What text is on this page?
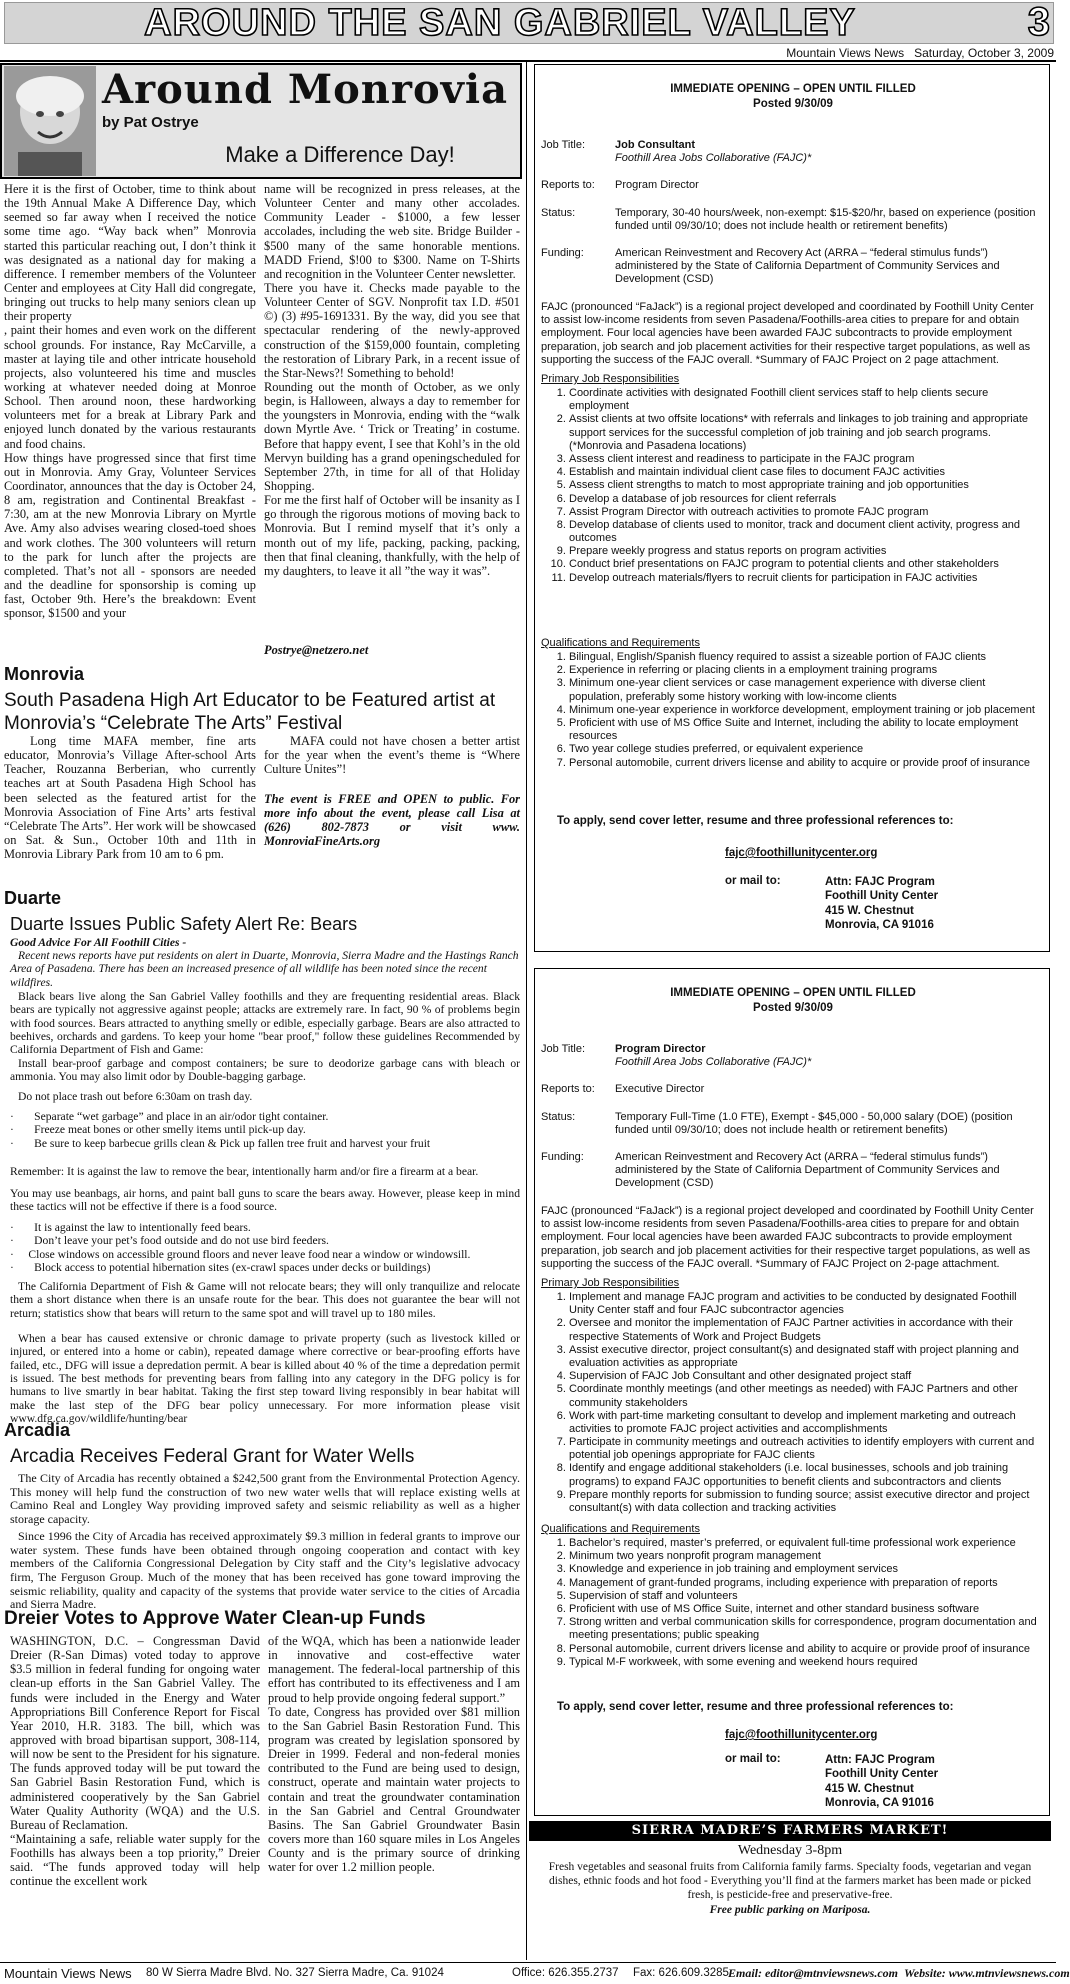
AROUND THE SAN GABRIEL VALLEY	3
Mountain Views News Saturday, October 3, 2009
Around Monrovia
by Pat Ostrye
Make a Difference Day!
Here it is the first of October, time to think about the 19th Annual Make A Difference Day, which seemed so far away when I received the notice some time ago. “Way back when” Monrovia started this particular reaching out, I don’t think it was designated as a national day for making a difference. I remember members of the Volunteer Center and employees at City Hall did congregate, bringing out trucks to help many seniors clean up their property
, paint their homes and even work on the different school grounds. For instance, Ray McCarville, a master at laying tile and other intricate household projects, also volunteered his time and muscles working at whatever needed doing at Monroe School. Then around noon, these hardworking volunteers met for a break at Library Park and enjoyed lunch donated by the various restaurants and food chains.
How things have progressed since that first time out in Monrovia. Amy Gray, Volunteer Services Coordinator, announces that the day is October 24, 8 am, registration and Continental Breakfast - 7:30, am at the new Monrovia Library on Myrtle Ave. Amy also advises wearing closed-toed shoes and work clothes. The 300 volunteers will return to the park for lunch after the projects are completed. That’s not all - sponsors are needed and the deadline for sponsorship is coming up fast, October 9th. Here’s the breakdown: Event sponsor, $1500 and your
name will be recognized in press releases, at the Volunteer Center and many other accolades. Community Leader - $1000, a few lesser accolades, including the web site. Bridge Builder - $500 many of the same honorable mentions. MADD Friend, $!00 to $300. Name on T-Shirts and recognition in the Volunteer Center newsletter.
There you have it. Checks made payable to the Volunteer Center of SGV. Nonprofit tax I.D. #501 ©) (3) #95-1691331. By the way, did you see that spectacular rendering of the newly-approved construction of the $159,000 fountain, completing the restoration of Library Park, in a recent issue of the Star-News?! Something to behold!
Rounding out the month of October, as we only begin, is Halloween, always a day to remember for the youngsters in Monrovia, ending with the “walk down Myrtle Ave. ‘ Trick or Treating’ in costume. Before that happy event, I see that Kohl’s in the old Mervyn building has a grand openingscheduled for September 27th, in time for all of that Holiday Shopping.
For me the first half of October will be insanity as I go through the rigorous motions of moving back to Monrovia. But I remind myself that it’s only a month out of my life, packing, packing, packing, then that final cleaning, thankfully, with the help of my daughters, to leave it all ”the way it was”.
Postrye@netzero.net
Monrovia
South Pasadena High Art Educator to be Featured artist at Monrovia’s “Celebrate The Arts” Festival
Long time MAFA member, fine arts educator, Monrovia’s Village After-school Arts Teacher, Rouzanna Berberian, who currently teaches art at South Pasadena High School has been selected as the featured artist for the Monrovia Association of Fine Arts’ arts festival “Celebrate The Arts”. Her work will be showcased on Sat. & Sun., October 10th and 11th in Monrovia Library Park from 10 am to 6 pm.
MAFA could not have chosen a better artist for the year when the event’s theme is “Where Culture Unites”!
The event is FREE and OPEN to public. For more info about the event, please call Lisa at (626) 802-7873 or visit www. MonroviaFineArts.org
Duarte
Duarte Issues Public Safety Alert Re: Bears
Good Advice For All Foothill Cities -
Recent news reports have put residents on alert in Duarte, Monrovia, Sierra Madre and the Hastings Ranch Area of Pasadena. There has been an increased presence of all wildlife has been noted since the recent wildfires.
Black bears live along the San Gabriel Valley foothills and they are frequenting residential areas. Black bears are typically not aggressive against people; attacks are extremely rare. In fact, 90 % of problems begin with food sources. Bears attracted to anything smelly or edible, especially garbage. Bears are also attracted to beehives, orchards and gardens. To keep your home "bear proof," follow these guidelines Recommended by California Department of Fish and Game:
Install bear-proof garbage and compost containers; be sure to deodorize garbage cans with bleach or ammonia. You may also limit odor by Double-bagging garbage.
Do not place trash out before 6:30am on trash day.
·       Separate “wet garbage” and place in an air/odor tight container.
·       Freeze meat bones or other smelly items until pick-up day.
·       Be sure to keep barbecue grills clean & Pick up fallen tree fruit and harvest your fruit
Remember: It is against the law to remove the bear, intentionally harm and/or fire a firearm at a bear.
You may use beanbags, air horns, and paint ball guns to scare the bears away. However, please keep in mind these tactics will not be effective if there is a food source.
·       It is against the law to intentionally feed bears.
·       Don’t leave your pet’s food outside and do not use bird feeders.
·     Close windows on accessible ground floors and never leave food near a window or windowsill.
·       Block access to potential hibernation sites (ex-crawl spaces under decks or buildings)
The California Department of Fish & Game will not relocate bears; they will only tranquilize and relocate them a short distance when there is an unsafe route for the bear. This does not guarantee the bear will not return; statistics show that bears will return to the same spot and will travel up to 180 miles.
When a bear has caused extensive or chronic damage to private property (such as livestock killed or injured, or entered into a home or cabin), repeated damage where corrective or bear-proofing efforts have failed, etc., DFG will issue a depredation permit. A bear is killed about 40 % of the time a depredation permit is issued. The best methods for preventing bears from falling into any category in the DFG policy is for humans to live smartly in bear habitat. Taking the first step toward living responsibly in bear habitat will make the last step of the DFG bear policy unnecessary. For more information please visit www.dfg.ca.gov/wildlife/hunting/bear
Arcadia
Arcadia Receives Federal Grant for Water Wells
The City of Arcadia has recently obtained a $242,500 grant from the Environmental Protection Agency. This money will help fund the construction of two new water wells that will replace existing wells at Camino Real and Longley Way providing improved safety and seismic reliability as well as a higher storage capacity.
Since 1996 the City of Arcadia has received approximately $9.3 million in federal grants to improve our water system. These funds have been obtained through ongoing cooperation and contact with key members of the California Congressional Delegation by City staff and the City’s legislative advocacy firm, The Ferguson Group. Much of the money that has been received has gone toward improving the seismic reliability, quality and capacity of the systems that provide water service to the cities of Arcadia and Sierra Madre.
Dreier Votes to Approve Water Clean-up Funds
WASHINGTON, D.C. – Congressman David Dreier (R-San Dimas) voted today to approve $3.5 million in federal funding for ongoing water clean-up efforts in the San Gabriel Valley. The funds were included in the Energy and Water Appropriations Bill Conference Report for Fiscal Year 2010, H.R. 3183. The bill, which was approved with broad bipartisan support, 308-114, will now be sent to the President for his signature. The funds approved today will be put toward the San Gabriel Basin Restoration Fund, which is administered cooperatively by the San Gabriel Water Quality Authority (WQA) and the U.S. Bureau of Reclamation.
“Maintaining a safe, reliable water supply for the Foothills has always been a top priority,” Dreier said. “The funds approved today will help continue the excellent work
of the WQA, which has been a nationwide leader in innovative and cost-effective water management. The federal-local partnership of this effort has contributed to its effectiveness and I am proud to help provide ongoing federal support.”
To date, Congress has provided over $81 million to the San Gabriel Basin Restoration Fund. This program was created by legislation sponsored by Dreier in 1999. Federal and non-federal monies contributed to the Fund are being used to design, construct, operate and maintain water projects to contain and treat the groundwater contamination in the San Gabriel and Central Groundwater Basins. The San Gabriel Groundwater Basin covers more than 160 square miles in Los Angeles County and is the primary source of drinking water for over 1.2 million people.
IMMEDIATE OPENING – OPEN UNTIL FILLED
Posted 9/30/09
Job Title:	Job Consultant
Foothill Area Jobs Collaborative (FAJC)*
Reports to:	Program Director
Status:	Temporary, 30-40 hours/week, non-exempt: $15-$20/hr, based on experience (position funded until 09/30/10; does not include health or retirement benefits)
Funding:	American Reinvestment and Recovery Act (ARRA – “federal stimulus funds”) administered by the State of California Department of Community Services and Development (CSD)
FAJC (pronounced “FaJack”) is a regional project developed and coordinated by Foothill Unity Center to assist low-income residents from seven Pasadena/Foothills-area cities to prepare for and obtain employment. Four local agencies have been awarded FAJC subcontracts to provide employment preparation, job search and job placement activities for their respective target populations, as well as supporting the success of the FAJC overall. *Summary of FAJC Project on 2 page attachment.
Primary Job Responsibilities
1. Coordinate activities with designated Foothill client services staff to help clients secure employment
2. Assist clients at two offsite locations* with referrals and linkages to job training and appropriate support services for the successful completion of job training and job search programs. (*Monrovia and Pasadena locations)
3. Assess client interest and readiness to participate in the FAJC program
4. Establish and maintain individual client case files to document FAJC activities
5. Assess client strengths to match to most appropriate training and job opportunities
6. Develop a database of job resources for client referrals
7. Assist Program Director with outreach activities to promote FAJC program
8. Develop database of clients used to monitor, track and document client activity, progress and outcomes
9. Prepare weekly progress and status reports on program activities
10. Conduct brief presentations on FAJC program to potential clients and other stakeholders
11. Develop outreach materials/flyers to recruit clients for participation in FAJC activities
Qualifications and Requirements
1. Bilingual, English/Spanish fluency required to assist a sizeable portion of FAJC clients
2. Experience in referring or placing clients in a employment training programs
3. Minimum one-year client services or case management experience with diverse client population, preferably some history working with low-income clients
4. Minimum one-year experience in workforce development, employment training or job placement
5. Proficient with use of MS Office Suite and Internet, including the ability to locate employment resources
6. Two year college studies preferred, or equivalent experience
7. Personal automobile, current drivers license and ability to acquire or provide proof of insurance
To apply, send cover letter, resume and three professional references to:
fajc@foothillunitycenter.org
or mail to:	Attn: FAJC Program
Foothill Unity Center
415 W. Chestnut
Monrovia, CA 91016
IMMEDIATE OPENING – OPEN UNTIL FILLED
Posted 9/30/09
Job Title:	Program Director
Foothill Area Jobs Collaborative (FAJC)*
Reports to:	Executive Director
Status:	Temporary Full-Time (1.0 FTE), Exempt - $45,000 - 50,000 salary (DOE) (position funded until 09/30/10; does not include health or retirement benefits)
Funding:	American Reinvestment and Recovery Act (ARRA – “federal stimulus funds”) administered by the State of California Department of Community Services and Development (CSD)
FAJC (pronounced “FaJack”) is a regional project developed and coordinated by Foothill Unity Center to assist low-income residents from seven Pasadena/Foothills-area cities to prepare for and obtain employment. Four local agencies have been awarded FAJC subcontracts to provide employment preparation, job search and job placement activities for their respective target populations, as well as supporting the success of the FAJC overall. *Summary of FAJC Project on 2-page attachment.
Primary Job Responsibilities
1. Implement and manage FAJC program and activities to be conducted by designated Foothill Unity Center staff and four FAJC subcontractor agencies
2. Oversee and monitor the implementation of FAJC Partner activities in accordance with their respective Statements of Work and Project Budgets
3. Assist executive director, project consultant(s) and designated staff with project planning and evaluation activities as appropriate
4. Supervision of FAJC Job Consultant and other designated project staff
5. Coordinate monthly meetings (and other meetings as needed) with FAJC Partners and other community stakeholders
6. Work with part-time marketing consultant to develop and implement marketing and outreach activities to promote FAJC project activities and accomplishments
7. Participate in community meetings and outreach activities to identify employers with current and potential job openings appropriate for FAJC clients
8. Identify and engage additional stakeholders (i.e. local businesses, schools and job training programs) to expand FAJC opportunities to benefit clients and subcontractors and clients
9. Prepare monthly reports for submission to funding source; assist executive director and project consultant(s) with data collection and tracking activities
Qualifications and Requirements
1. Bachelor’s required, master’s preferred, or equivalent full-time professional work experience
2. Minimum two years nonprofit program management
3. Knowledge and experience in job training and employment services
4. Management of grant-funded programs, including experience with preparation of reports
5. Supervision of staff and volunteers
6. Proficient with use of MS Office Suite, internet and other standard business software
7. Strong written and verbal communication skills for correspondence, program documentation and meeting presentations; public speaking
8. Personal automobile, current drivers license and ability to acquire or provide proof of insurance
9. Typical M-F workweek, with some evening and weekend hours required
To apply, send cover letter, resume and three professional references to:
fajc@foothillunitycenter.org
or mail to:	Attn: FAJC Program
Foothill Unity Center
415 W. Chestnut
Monrovia, CA 91016
SIERRA MADRE’S FARMERS MARKET!
Wednesday 3-8pm
Fresh vegetables and seasonal fruits from California family farms. Specialty foods, vegetarian and vegan dishes, ethnic foods and hot food - Everything you’ll find at the farmers market has been made or picked fresh, is pesticide-free and preservative-free.
Free public parking on Mariposa.
Mountain Views News 80 W Sierra Madre Blvd. No. 327 Sierra Madre, Ca. 91024	Office: 626.355.2737 Fax: 626.609.3285 Email: editor@mtnviewsnews.com Website: www.mtnviewsnews.com
